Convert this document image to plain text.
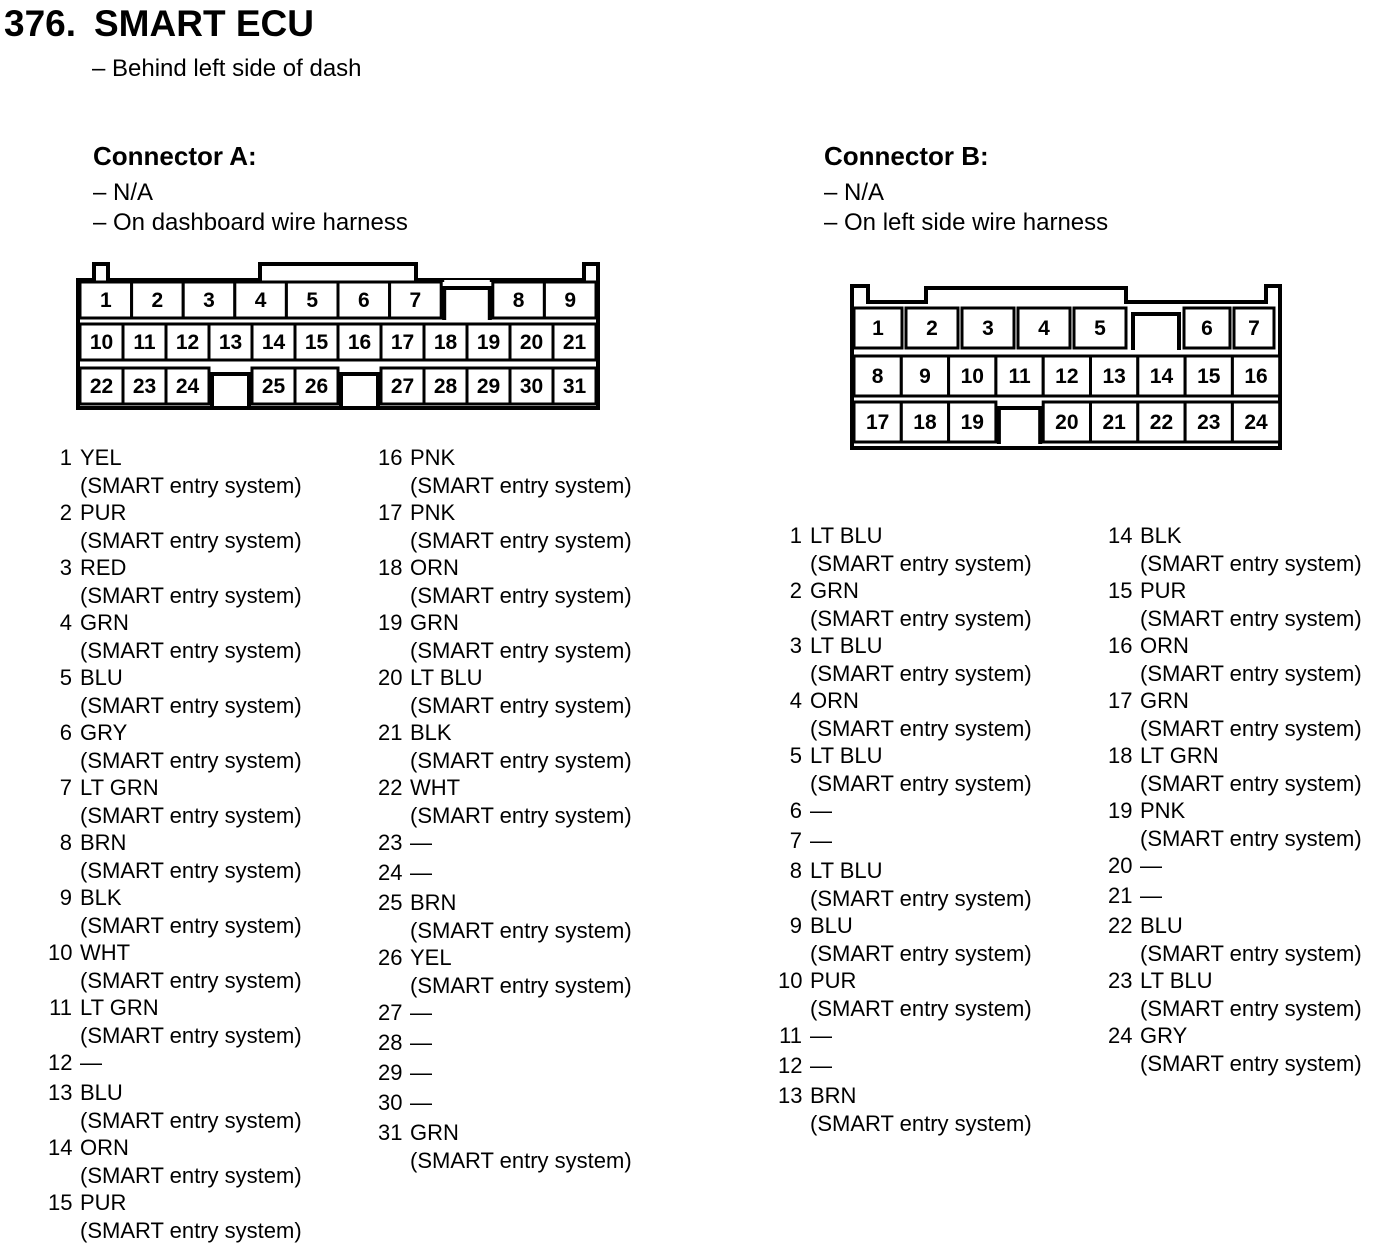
376. SMART ECU
– Behind left side of dash
Connector A:
– N/A
– On dashboard wire harness
1 2 3 4 5 6 7	8 9
10 11 12 13 14 15 16 17 18 19 20 21
22 23 24	25 26	27 28 29 30 31
Connector B:
– N/A
– On left side wire harness
1 2 3 4 5	6 7
8 9 10 11 12 13 14 15 16
17 18 19	20 21 22 23 24
1 YEL
(SMART entry system)
2 PUR
(SMART entry system)
3 RED
(SMART entry system)
4 GRN
(SMART entry system)
5 BLU
(SMART entry system)
6 GRY
(SMART entry system)
7 LT GRN
(SMART entry system)
8 BRN
(SMART entry system)
9 BLK
(SMART entry system)
10 WHT
(SMART entry system)
11 LT GRN
(SMART entry system)
12 —
13 BLU
(SMART entry system)
14 ORN
(SMART entry system)
15 PUR
(SMART entry system)
16 PNK
(SMART entry system)
17 PNK
(SMART entry system)
18 ORN
(SMART entry system)
19 GRN
(SMART entry system)
20 LT BLU
(SMART entry system)
21 BLK
(SMART entry system)
22 WHT
(SMART entry system)
23 —
24 —
25 BRN
(SMART entry system)
26 YEL
(SMART entry system)
27 —
28 —
29 —
30 —
31 GRN
(SMART entry system)
1 LT BLU
(SMART entry system)
2 GRN
(SMART entry system)
3 LT BLU
(SMART entry system)
4 ORN
(SMART entry system)
5 LT BLU
(SMART entry system)
6 —
7 —
8 LT BLU
(SMART entry system)
9 BLU
(SMART entry system)
10 PUR
(SMART entry system)
11 —
12 —
13 BRN
(SMART entry system)
14 BLK
(SMART entry system)
15 PUR
(SMART entry system)
16 ORN
(SMART entry system)
17 GRN
(SMART entry system)
18 LT GRN
(SMART entry system)
19 PNK
(SMART entry system)
20 —
21 —
22 BLU
(SMART entry system)
23 LT BLU
(SMART entry system)
24 GRY
(SMART entry system)
